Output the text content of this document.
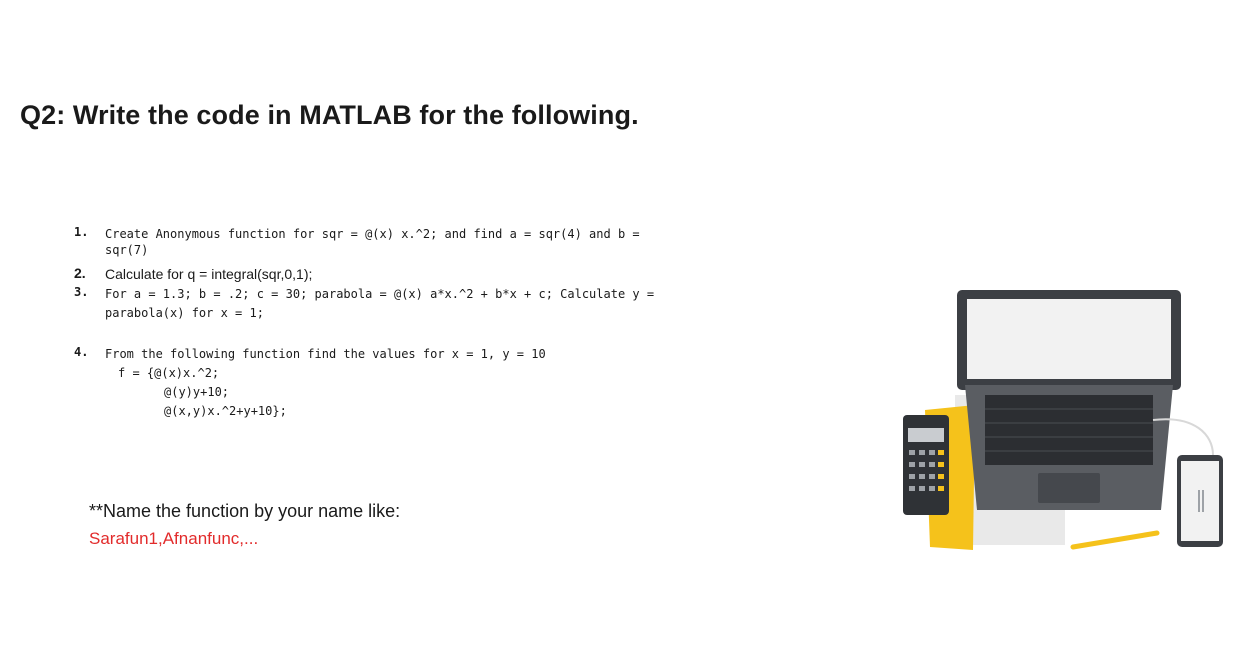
Q2: Write the code in MATLAB for the following.
1. Create Anonymous function for sqr = @(x) x.^2; and find a = sqr(4) and b =
sqr(7)
2. Calculate for q = integral(sqr,0,1);
3. For a = 1.3; b = .2; c = 30; parabola = @(x) a*x.^2 + b*x + c; Calculate y =
parabola(x) for x = 1;
4. From the following function find the values for x = 1, y = 10
f = {@(x)x.^2;
@(y)y+10;
@(x,y)x.^2+y+10};
**Name the function by your name like:
Sarafun1,Afnanfunc,...
